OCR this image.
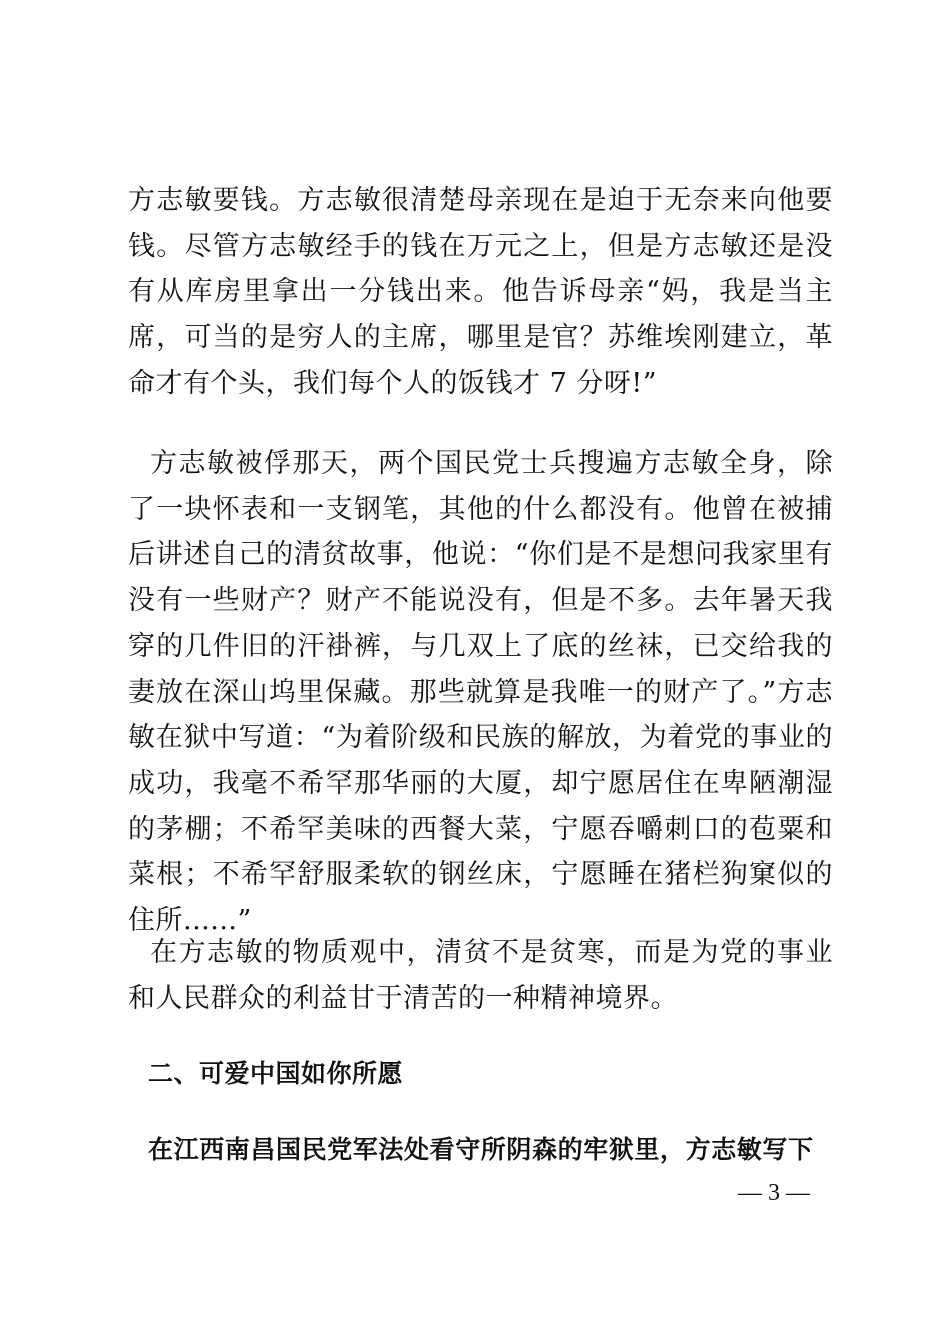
方志敏要钱。方志敏很清楚母亲现在是迫于无奈来向他要钱。尽管方志敏经手的钱在万元之上，但是方志敏还是没有从库房里拿出一分钱出来。他告诉母亲“妈，我是当主席，可当的是穷人的主席，哪里是官？苏维埃刚建立，革命才有个头，我们每个人的饭钱才 7 分呀!”

方志敏被俘那天，两个国民党士兵搜遍方志敏全身，除了一块怀表和一支钢笔，其他的什么都没有。他曾在被捕后讲述自己的清贫故事，他说：“你们是不是想问我家里有没有一些财产？财产不能说没有，但是不多。去年暑天我穿的几件旧的汗褂裤，与几双上了底的丝袜，已交给我的妻放在深山坞里保藏。那些就算是我唯一的财产了。”方志敏在狱中写道：“为着阶级和民族的解放，为着党的事业的成功，我毫不希罕那华丽的大厦，却宁愿居住在卑陋潮湿的茅棚；不希罕美味的西餐大菜，宁愿吞嚼刺口的苞粟和菜根；不希罕舒服柔软的钢丝床，宁愿睡在猪栏狗窠似的住所......”

在方志敏的物质观中，清贫不是贫寒，而是为党的事业和人民群众的利益甘于清苦的一种精神境界。

二、可爱中国如你所愿

在江西南昌国民党军法处看守所阴森的牢狱里，方志敏写下

— 3 —
